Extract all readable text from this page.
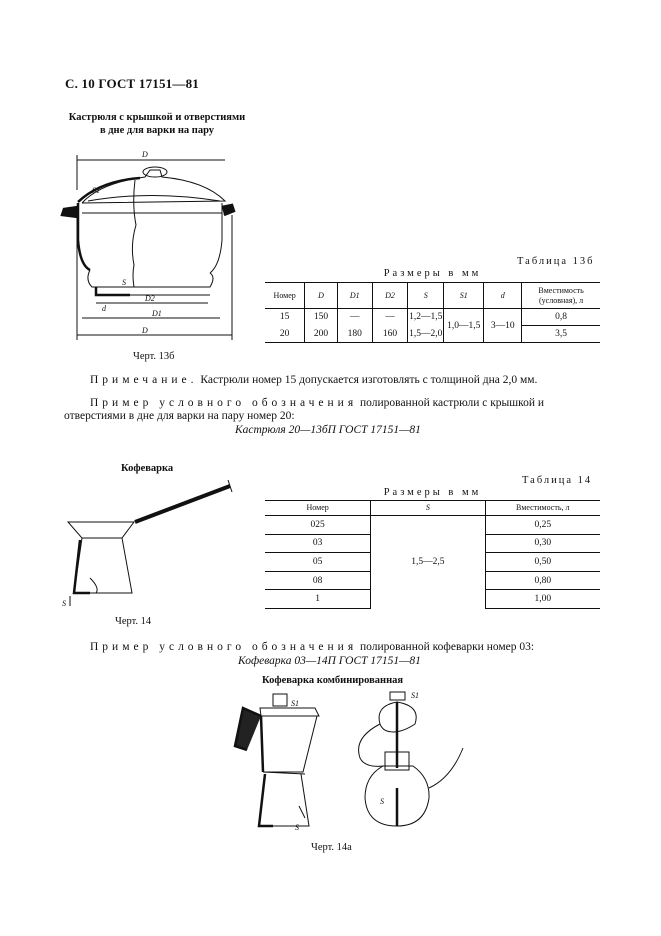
С. 10 ГОСТ 17151—81
Кастрюля с крышкой и отверстиями
в дне для варки на пару
D
S1
D2
d
S
D1
D
Черт. 13б
Таблица 13б
Размеры в мм
Номер	D	D1	D2	S	S1	d	Вместимость (условная), л
15	150	—	—	1,2—1,5	1,0—1,5	3—10	0,8
20	200	180	160	1,5—2,0			3,5
Примечание. Кастрюли номер 15 допускается изготовлять с толщиной дна 2,0 мм.
Пример условного обозначения полированной кастрюли с крышкой и
отверстиями в дне для варки на пару номер 20:
Кастрюля 20—13бП ГОСТ 17151—81
Кофеварка
S
Черт. 14
Таблица 14
Размеры в мм
Номер	S	Вместимость, л
025	1,5—2,5	0,25
03		0,30
05		0,50
08		0,80
1		1,00
Пример условного обозначения полированной кофеварки номер 03:
Кофеварка 03—14П ГОСТ 17151—81
Кофеварка комбинированная
S1
S
S1
S
Черт. 14а
